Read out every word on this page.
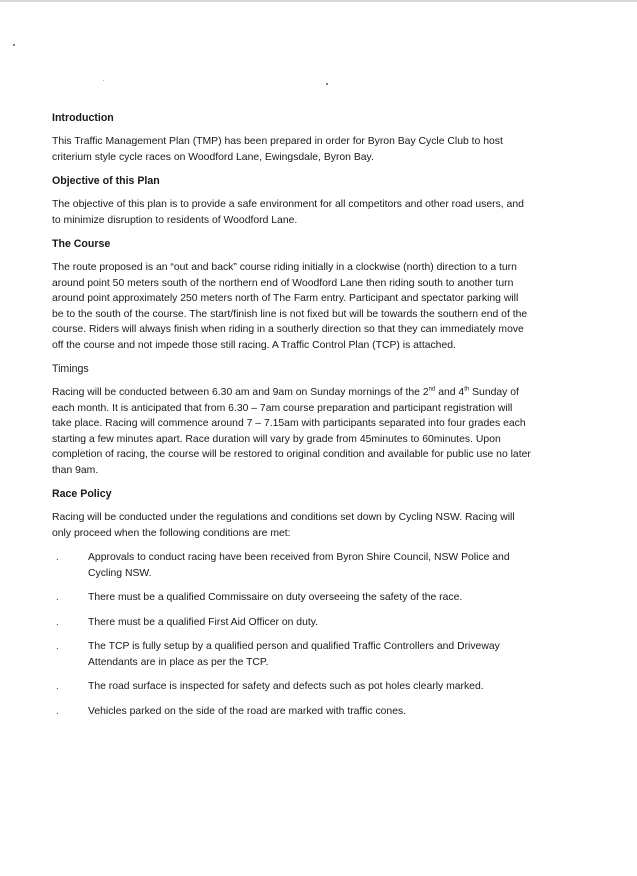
Introduction

This Traffic Management Plan (TMP) has been prepared in order for Byron Bay Cycle Club to host criterium style cycle races on Woodford Lane, Ewingsdale, Byron Bay.

Objective of this Plan

The objective of this plan is to provide a safe environment for all competitors and other road users, and to minimize disruption to residents of Woodford Lane.

The Course

The route proposed is an “out and back” course riding initially in a clockwise (north) direction to a turn around point 50 meters south of the northern end of Woodford Lane then riding south to another turn around point approximately 250 meters north of The Farm entry. Participant and spectator parking will be to the south of the course. The start/finish line is not fixed but will be towards the southern end of the course. Riders will always finish when riding in a southerly direction so that they can immediately move off the course and not impede those still racing. A Traffic Control Plan (TCP) is attached.

Timings

Racing will be conducted between 6.30 am and 9am on Sunday mornings of the 2nd and 4th Sunday of each month. It is anticipated that from 6.30 – 7am course preparation and participant registration will take place. Racing will commence around 7 – 7.15am with participants separated into four grades each starting a few minutes apart. Race duration will vary by grade from 45minutes to 60minutes. Upon completion of racing, the course will be restored to original condition and available for public use no later than 9am.

Race Policy

Racing will be conducted under the regulations and conditions set down by Cycling NSW. Racing will only proceed when the following conditions are met:

.	Approvals to conduct racing have been received from Byron Shire Council, NSW Police and Cycling NSW.
.	There must be a qualified Commissaire on duty overseeing the safety of the race.
.	There must be a qualified First Aid Officer on duty.
.	The TCP is fully setup by a qualified person and qualified Traffic Controllers and Driveway Attendants are in place as per the TCP.
.	The road surface is inspected for safety and defects such as pot holes clearly marked.
.	Vehicles parked on the side of the road are marked with traffic cones.
